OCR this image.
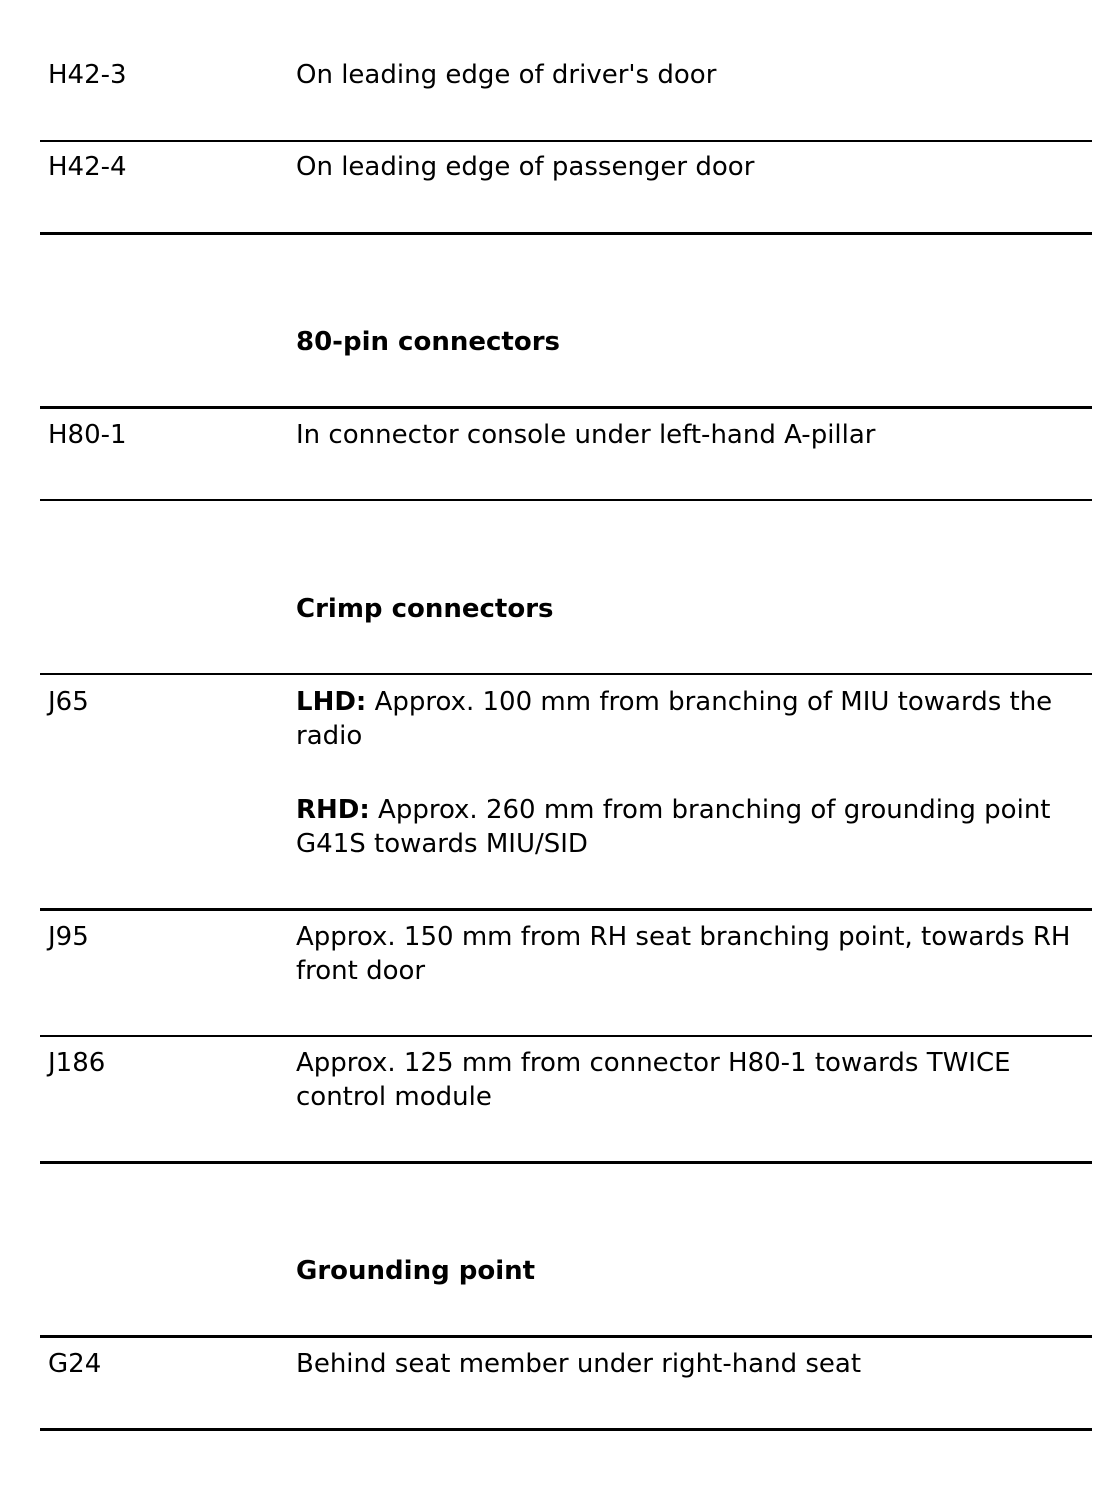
H42-3	On leading edge of driver's door
H42-4	On leading edge of passenger door
80-pin connectors
H80-1	In connector console under left-hand A-pillar
Crimp connectors
J65	LHD: Approx. 100 mm from branching of MIU towards the radio
RHD: Approx. 260 mm from branching of grounding point G41S towards MIU/SID
J95	Approx. 150 mm from RH seat branching point, towards RH front door
J186	Approx. 125 mm from connector H80-1 towards TWICE control module
Grounding point
G24	Behind seat member under right-hand seat
